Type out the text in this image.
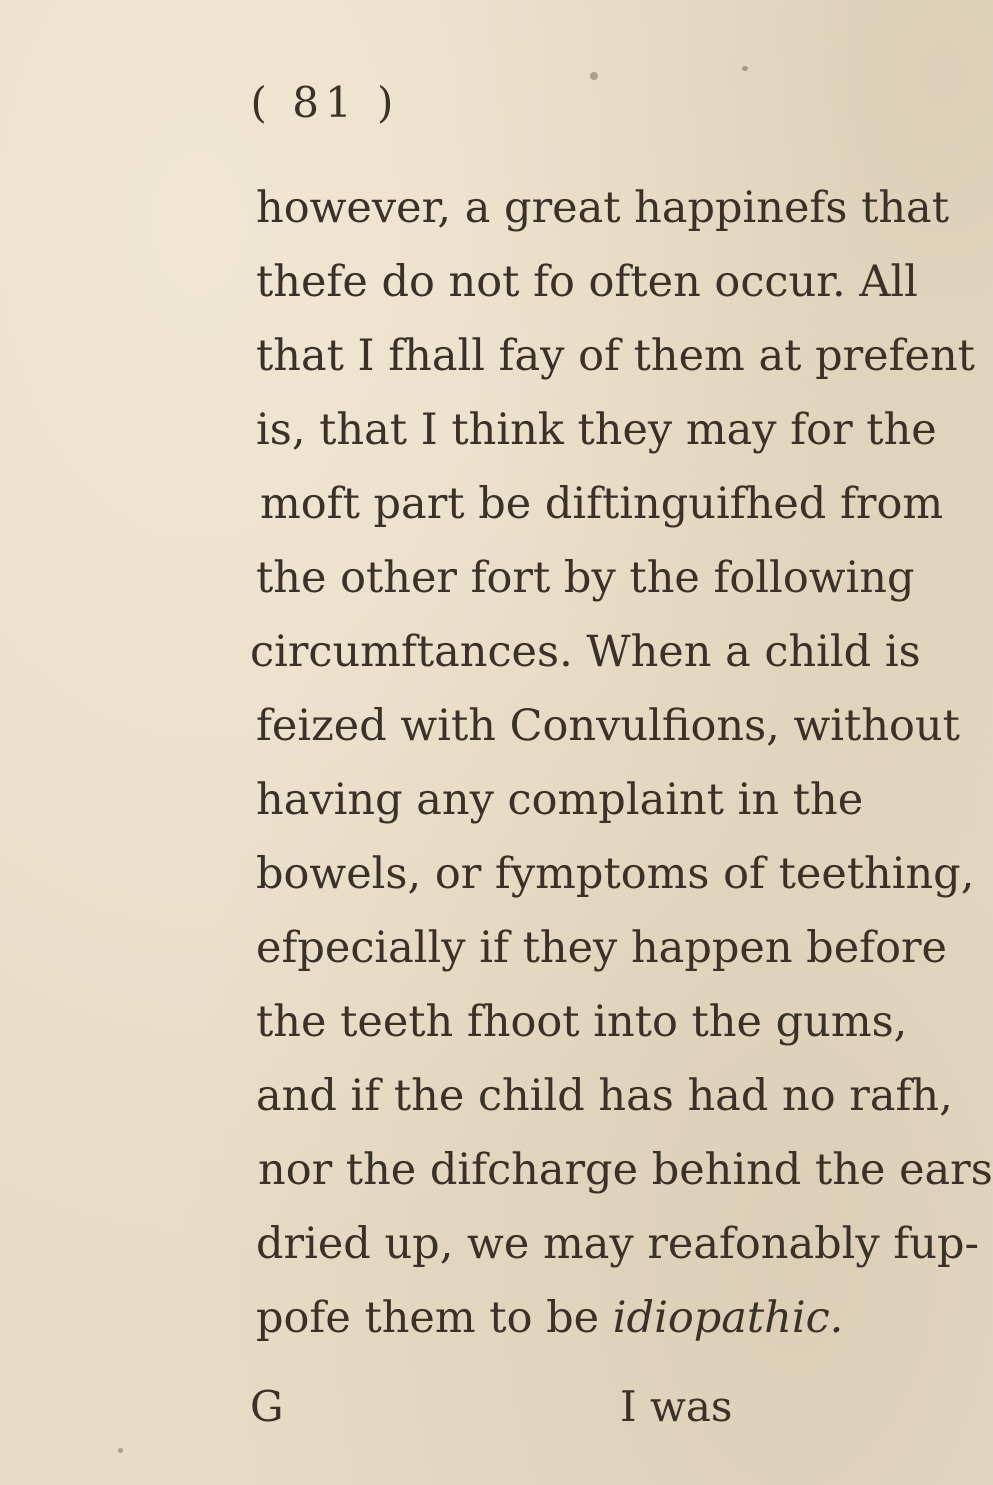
( 81 )
however, a great happinefs that
thefe do not fo often occur. All
that I fhall fay of them at prefent
is, that I think they may for the
moft part be diftinguifhed from
the other fort by the following
circumftances. When a child is
feized with Convulfions, without
having any complaint in the
bowels, or fymptoms of teething,
efpecially if they happen before
the teeth fhoot into the gums,
and if the child has had no rafh,
nor the difcharge behind the ears
dried up, we may reafonably fup-
pofe them to be idiopathic.
G	I was
